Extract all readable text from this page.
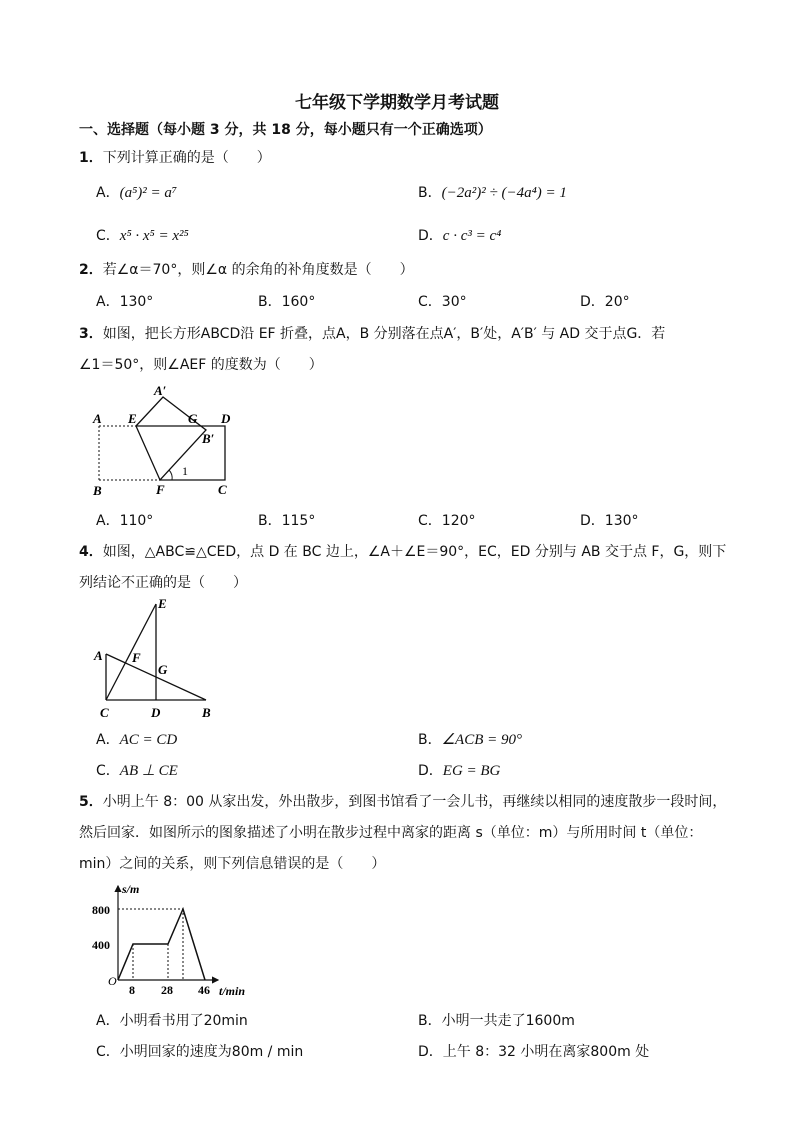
七年级下学期数学月考试题
一、选择题（每小题 3 分，共 18 分，每小题只有一个正确选项）
1．下列计算正确的是（　　）
A．(a⁵)² = a⁷	B．(−2a²)² ÷ (−4a⁴) = 1
C．x⁵ · x⁵ = x²⁵	D．c · c³ = c⁴
2．若∠α＝70°，则∠α 的余角的补角度数是（　　）
A．130°	B．160°	C．30°	D．20°
3．如图，把长方形ABCD沿 EF 折叠，点A，B 分别落在点A′，B′处，A′B′ 与 AD 交于点G．若
∠1＝50°，则∠AEF 的度数为（　　）
A E
A′
G D
B′
1
B	F	C
A．110°	B．115°	C．120°	D．130°
4．如图，△ABC≌△CED，点 D 在 BC 边上，∠A＋∠E＝90°，EC，ED 分别与 AB 交于点 F，G，则下
列结论不正确的是（　　）
E
A F
G
C	D	B
A．AC = CD	B．∠ACB = 90°
C．AB ⊥ CE	D．EG = BG
5．小明上午 8：00 从家出发，外出散步，到图书馆看了一会儿书，再继续以相同的速度散步一段时间，
然后回家．如图所示的图象描述了小明在散步过程中离家的距离 s（单位：m）与所用时间 t（单位：
min）之间的关系，则下列信息错误的是（　　）
s/m
t/min
O
800
400
8 28 46
A．小明看书用了20min	B．小明一共走了1600m
C．小明回家的速度为80m / min	D．上午 8：32 小明在离家800m 处
